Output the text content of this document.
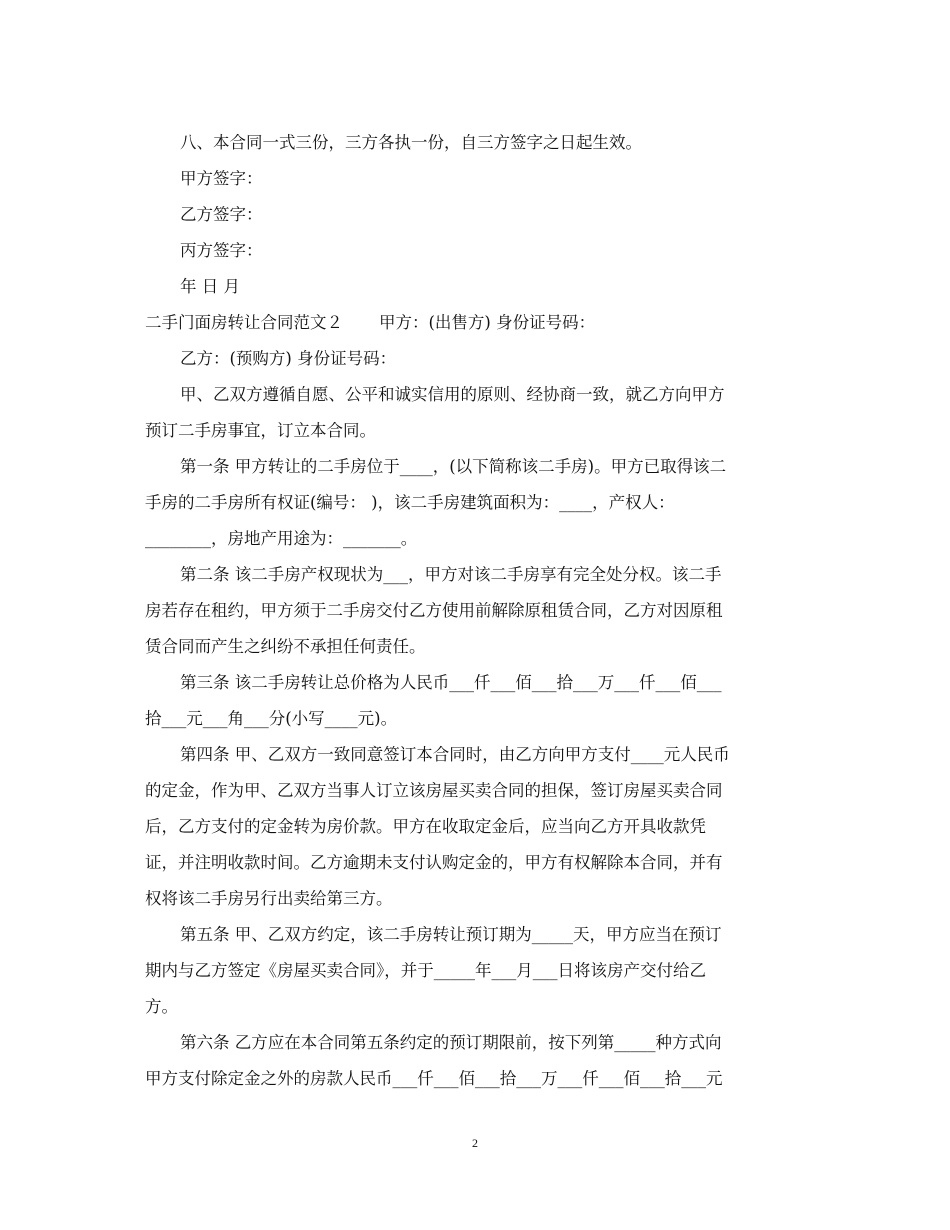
八、本合同一式三份，三方各执一份，自三方签字之日起生效。
甲方签字：
乙方签字：
丙方签字：
年 日 月
二手门面房转让合同范文２ 甲方：(出售方) 身份证号码：
乙方：(预购方) 身份证号码：
甲、乙双方遵循自愿、公平和诚实信用的原则、经协商一致，就乙方向甲方
预订二手房事宜，订立本合同。
第一条 甲方转让的二手房位于____，(以下简称该二手房)。甲方已取得该二
手房的二手房所有权证(编号： )，该二手房建筑面积为：____，产权人：
________，房地产用途为：_______。
第二条 该二手房产权现状为___，甲方对该二手房享有完全处分权。该二手
房若存在租约，甲方须于二手房交付乙方使用前解除原租赁合同，乙方对因原租
赁合同而产生之纠纷不承担任何责任。
第三条 该二手房转让总价格为人民币___仟___佰___拾___万___仟___佰___
拾___元___角___分(小写____元)。
第四条 甲、乙双方一致同意签订本合同时，由乙方向甲方支付____元人民币
的定金，作为甲、乙双方当事人订立该房屋买卖合同的担保，签订房屋买卖合同
后，乙方支付的定金转为房价款。甲方在收取定金后，应当向乙方开具收款凭
证，并注明收款时间。乙方逾期未支付认购定金的，甲方有权解除本合同，并有
权将该二手房另行出卖给第三方。
第五条 甲、乙双方约定，该二手房转让预订期为_____天，甲方应当在预订
期内与乙方签定《房屋买卖合同》，并于_____年___月___日将该房产交付给乙
方。
第六条 乙方应在本合同第五条约定的预订期限前，按下列第_____种方式向
甲方支付除定金之外的房款人民币___仟___佰___拾___万___仟___佰___拾___元
2
